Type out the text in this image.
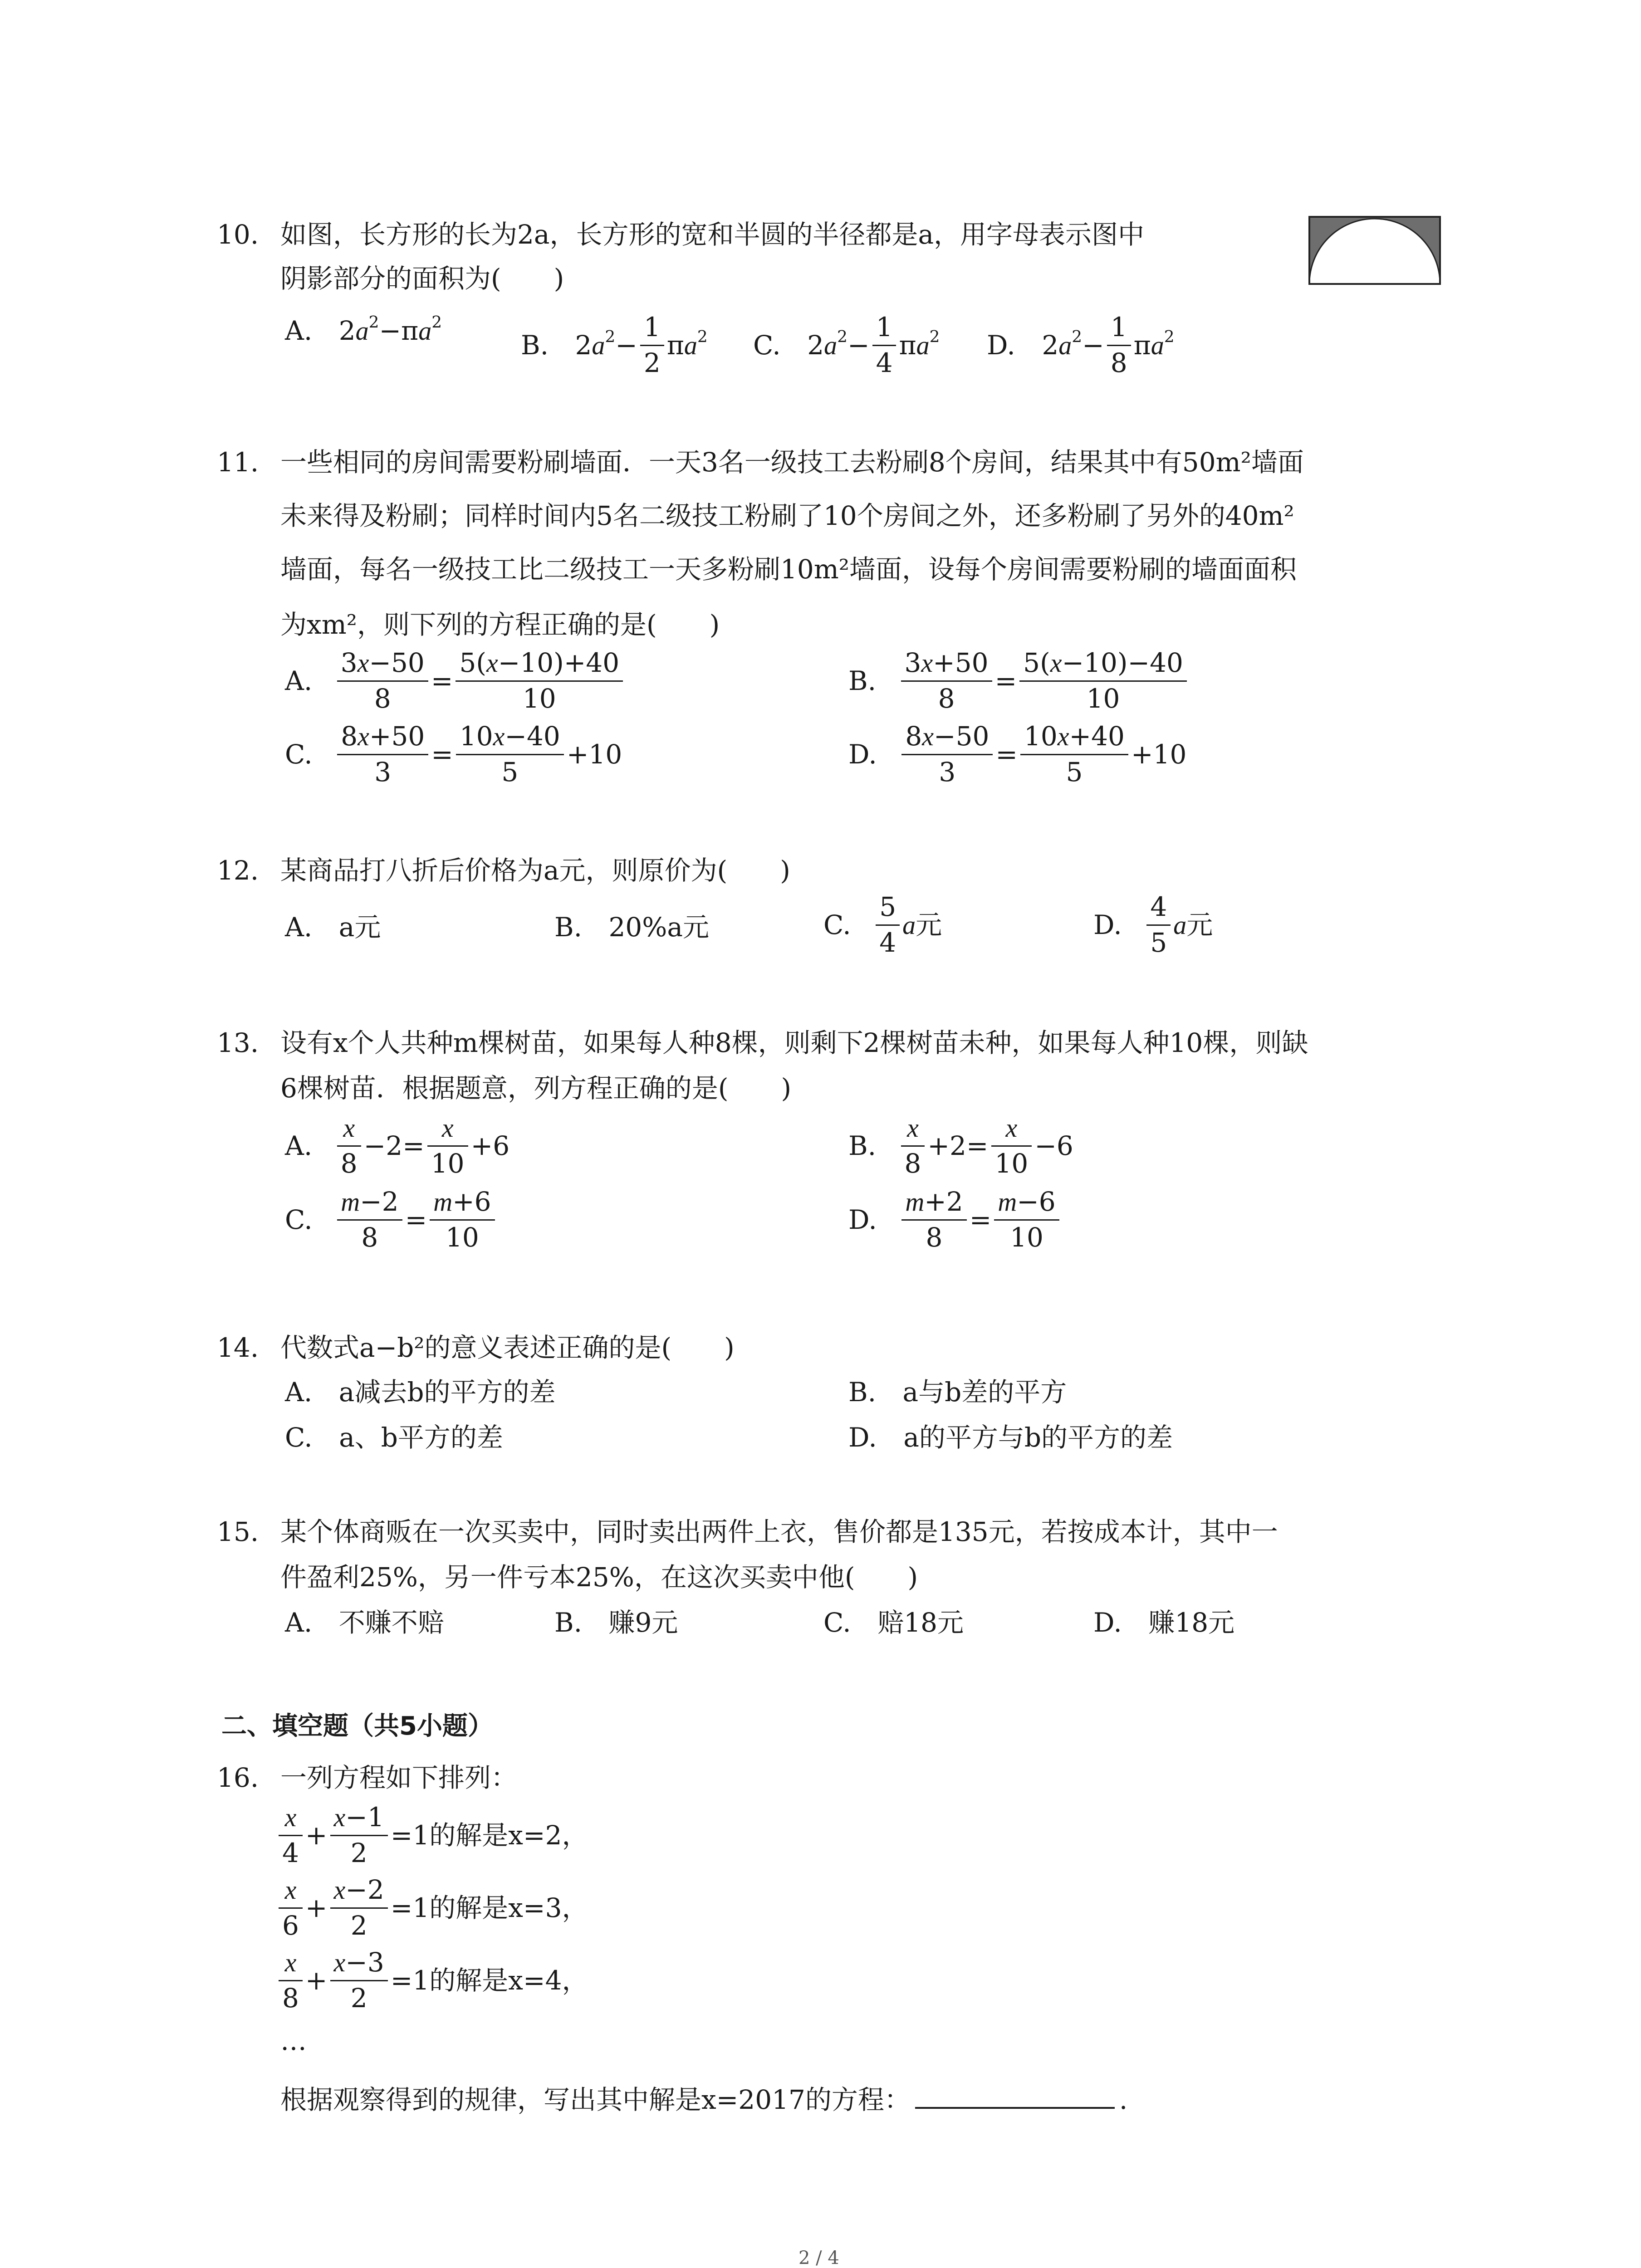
10. 如图，长方形的长为2a，长方形的宽和半圆的半径都是a，用字母表示图中
阴影部分的面积为(　　)
A. $2a^2-\pi a^2$
B. $2a^2- \frac{1}{2} \pi a^2$ C. $2a^2- \frac{1}{4} \pi a^2$ D. $2a^2- \frac{1}{8} \pi a^2$
11. 一些相同的房间需要粉刷墙面．一天3名一级技工去粉刷8个房间，结果其中有50m²墙面
未来得及粉刷；同样时间内5名二级技工粉刷了10个房间之外，还多粉刷了另外的40m²
墙面，每名一级技工比二级技工一天多粉刷10m²墙面，设每个房间需要粉刷的墙面面积
为xm²，则下列的方程正确的是(　　)
A. $\frac{3x-50}{8} = \frac{5(x-10)+40}{10}$	B. $\frac{3x+50}{8} = \frac{5(x-10)-40}{10}$
C. $\frac{8x+50}{3} = \frac{10x-40}{5} +10$	D. $\frac{8x-50}{3} = \frac{10x+40}{5} +10$
12. 某商品打八折后价格为a元，则原价为(　　)
A. a元	B. 20%a元	C. $\frac{5}{4}$ a元	D. $\frac{4}{5}$ a元
13. 设有x个人共种m棵树苗，如果每人种8棵，则剩下2棵树苗未种，如果每人种10棵，则缺
6棵树苗．根据题意，列方程正确的是(　　)
A. $\frac{x}{8} -2= \frac{x}{10} +6$	B. $\frac{x}{8} +2= \frac{x}{10} -6$
C. $\frac{m-2}{8} = \frac{m+6}{10}$	D. $\frac{m+2}{8} = \frac{m-6}{10}$
14. 代数式a−b²的意义表述正确的是(　　)
A. a减去b的平方的差	B. a与b差的平方
C. a、b平方的差	D. a的平方与b的平方的差
15. 某个体商贩在一次买卖中，同时卖出两件上衣，售价都是135元，若按成本计，其中一
件盈利25%，另一件亏本25%，在这次买卖中他(　　)
A. 不赚不赔	B. 赚9元	C. 赔18元	D. 赚18元
二、填空题（共5小题）
16. 一列方程如下排列：
$\frac{x}{4} + \frac{x-1}{2} =1$的解是x=2，
$\frac{x}{6} + \frac{x-2}{2} =1$的解是x=3，
$\frac{x}{8} + \frac{x-3}{2} =1$的解是x=4，
…
根据观察得到的规律，写出其中解是x=2017的方程：	.
2 / 4
